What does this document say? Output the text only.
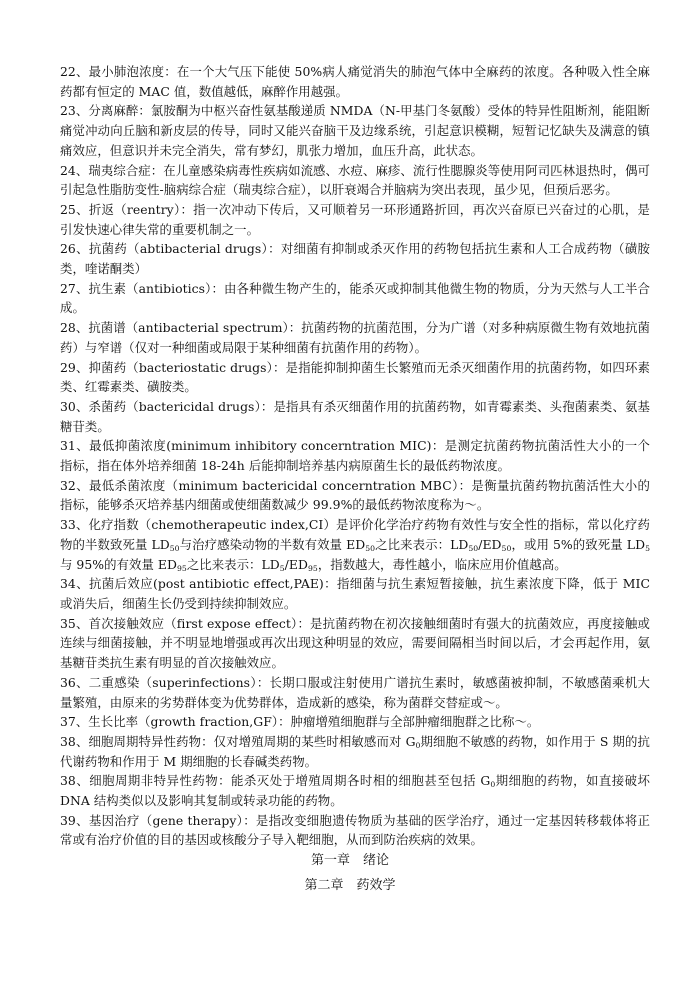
22、最小肺泡浓度：在一个大气压下能使 50%病人痛觉消失的肺泡气体中全麻药的浓度。各种吸入性全麻药都有恒定的 MAC 值，数值越低，麻醉作用越强。

23、分离麻醉：氯胺酮为中枢兴奋性氨基酸递质 NMDA（N-甲基门冬氨酸）受体的特异性阻断剂，能阻断痛觉冲动向丘脑和新皮层的传导，同时又能兴奋脑干及边缘系统，引起意识模糊，短暂记忆缺失及满意的镇痛效应，但意识并未完全消失，常有梦幻，肌张力增加，血压升高，此状态。

24、瑞夷综合症：在儿童感染病毒性疾病如流感、水痘、麻疹、流行性腮腺炎等使用阿司匹林退热时，偶可引起急性脂肪变性-脑病综合症（瑞夷综合症），以肝衰竭合并脑病为突出表现，虽少见，但预后恶劣。

25、折返（reentry）：指一次冲动下传后，又可顺着另一环形通路折回，再次兴奋原已兴奋过的心肌，是引发快速心律失常的重要机制之一。

26、抗菌药（abtibacterial drugs）：对细菌有抑制或杀灭作用的药物包括抗生素和人工合成药物（磺胺类，喹诺酮类）

27、抗生素（antibiotics）：由各种微生物产生的，能杀灭或抑制其他微生物的物质，分为天然与人工半合成。

28、抗菌谱（antibacterial spectrum）：抗菌药物的抗菌范围，分为广谱（对多种病原微生物有效地抗菌药）与窄谱（仅对一种细菌或局限于某种细菌有抗菌作用的药物）。

29、抑菌药（bacteriostatic drugs）：是指能抑制抑菌生长繁殖而无杀灭细菌作用的抗菌药物，如四环素类、红霉素类、磺胺类。

30、杀菌药（bactericidal drugs）：是指具有杀灭细菌作用的抗菌药物，如青霉素类、头孢菌素类、氨基糖苷类。

31、最低抑菌浓度(minimum inhibitory concerntration MIC)：是测定抗菌药物抗菌活性大小的一个指标，指在体外培养细菌 18-24h 后能抑制培养基内病原菌生长的最低药物浓度。

32、最低杀菌浓度（minimum bactericidal concerntration MBC）：是衡量抗菌药物抗菌活性大小的指标，能够杀灭培养基内细菌或使细菌数减少 99.9%的最低药物浓度称为～。

33、化疗指数（chemotherapeutic index,CI）是评价化学治疗药物有效性与安全性的指标，常以化疗药物的半数致死量 $LD_{50}$与治疗感染动物的半数有效量 $ED_{50}$之比来表示：$LD_{50}/ED_{50}$，或用 5%的致死量 $LD_5$与 95%的有效量 $ED_{95}$之比来表示：$LD_5/ED_{95}$，指数越大，毒性越小，临床应用价值越高。

34、抗菌后效应(post antibiotic effect,PAE)：指细菌与抗生素短暂接触，抗生素浓度下降，低于 MIC 或消失后，细菌生长仍受到持续抑制效应。

35、首次接触效应（first expose effect）：是抗菌药物在初次接触细菌时有强大的抗菌效应，再度接触或连续与细菌接触，并不明显地增强或再次出现这种明显的效应，需要间隔相当时间以后，才会再起作用，氨基糖苷类抗生素有明显的首次接触效应。

36、二重感染（superinfections）：长期口服或注射使用广谱抗生素时，敏感菌被抑制，不敏感菌乘机大量繁殖，由原来的劣势群体变为优势群体，造成新的感染，称为菌群交替症或～。

37、生长比率（growth fraction,GF）：肿瘤增殖细胞群与全部肿瘤细胞群之比称～。

38、细胞周期特异性药物：仅对增殖周期的某些时相敏感而对 $G_0$期细胞不敏感的药物，如作用于 S 期的抗代谢药物和作用于 M 期细胞的长春碱类药物。

38、细胞周期非特异性药物：能杀灭处于增殖周期各时相的细胞甚至包括 $G_0$期细胞的药物，如直接破坏 DNA 结构类似以及影响其复制或转录功能的药物。

39、基因治疗（gene therapy）：是指改变细胞遗传物质为基础的医学治疗，通过一定基因转移载体将正常或有治疗价值的目的基因或核酸分子导入靶细胞，从而到防治疾病的效果。

第一章　绪论
第二章　药效学
